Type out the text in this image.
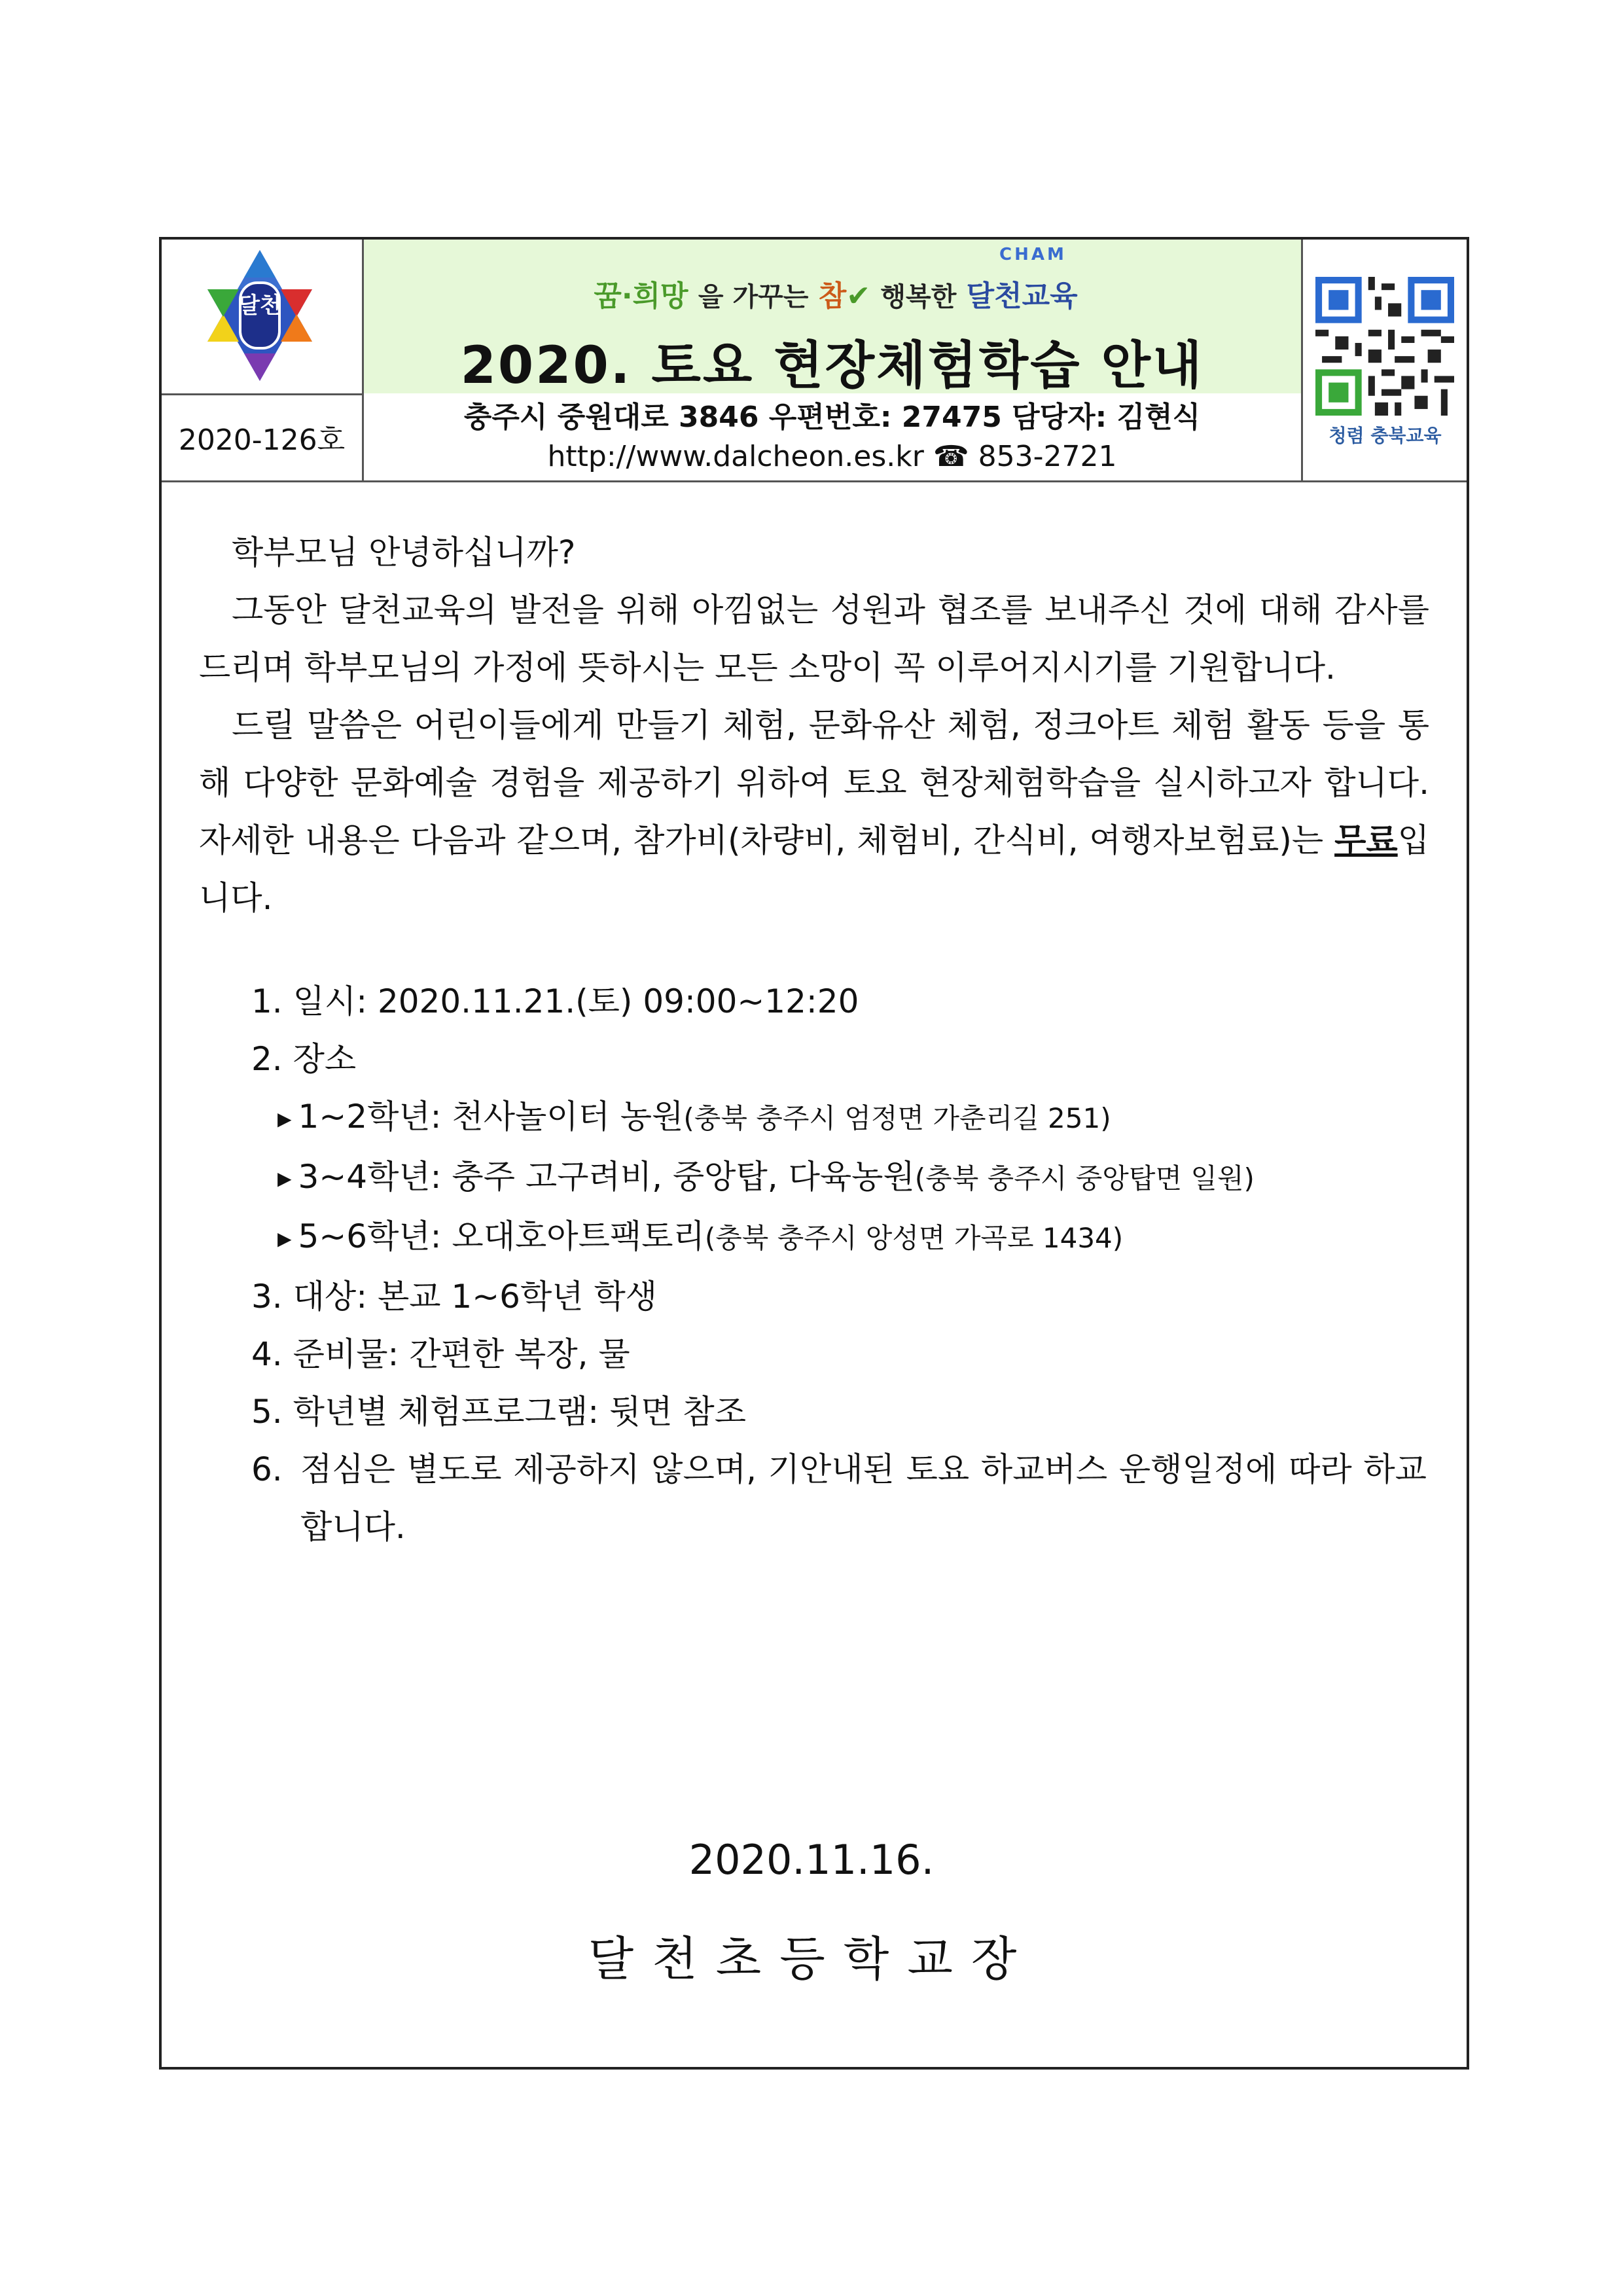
달천
2020-126호
CHAM
꿈·희망 을 가꾸는 참✔ 행복한 달천교육
2020. 토요 현장체험학습 안내
충주시 중원대로 3846 우편번호: 27475 담당자: 김현식
http://www.dalcheon.es.kr ☎ 853-2721
청렴 충북교육

학부모님 안녕하십니까?

그동안 달천교육의 발전을 위해 아낌없는 성원과 협조를 보내주신 것에 대해 감사를 드리며 학부모님의 가정에 뜻하시는 모든 소망이 꼭 이루어지시기를 기원합니다.

드릴 말씀은 어린이들에게 만들기 체험, 문화유산 체험, 정크아트 체험 활동 등을 통해 다양한 문화예술 경험을 제공하기 위하여 토요 현장체험학습을 실시하고자 합니다. 자세한 내용은 다음과 같으며, 참가비(차량비, 체험비, 간식비, 여행자보험료)는 무료입니다.

1. 일시: 2020.11.21.(토) 09:00~12:20

2. 장소

▶ 1~2학년: 천사놀이터 농원(충북 충주시 엄정면 가춘리길 251)

▶ 3~4학년: 충주 고구려비, 중앙탑, 다육농원(충북 충주시 중앙탑면 일원)

▶ 5~6학년: 오대호아트팩토리(충북 충주시 앙성면 가곡로 1434)

3. 대상: 본교 1~6학년 학생

4. 준비물: 간편한 복장, 물

5. 학년별 체험프로그램: 뒷면 참조

6. 점심은 별도로 제공하지 않으며, 기안내된 토요 하교버스 운행일정에 따라 하교합니다.
2020.11.16.
달천초등학교장
